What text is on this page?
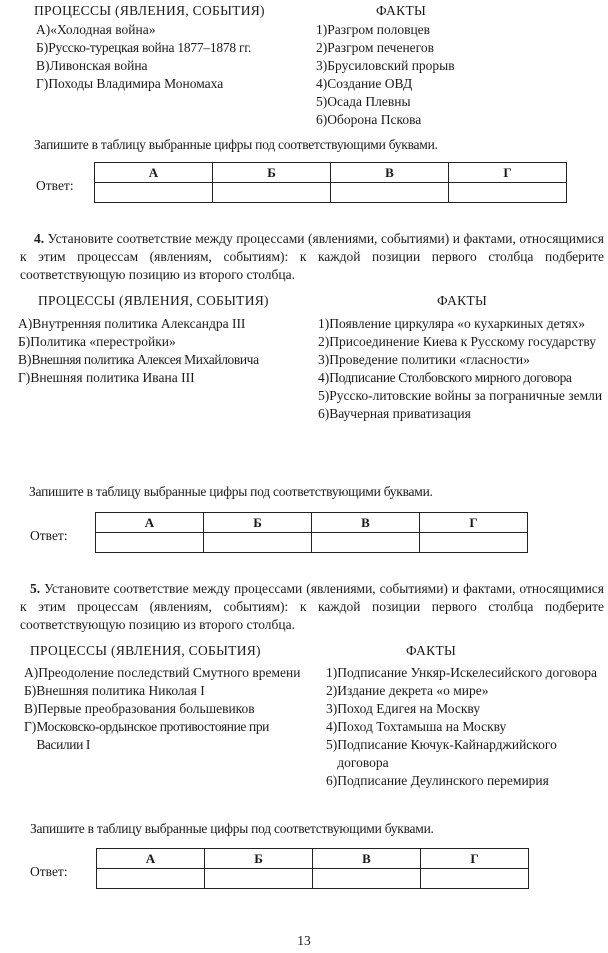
ПРОЦЕССЫ (ЯВЛЕНИЯ, СОБЫТИЯ)	ФАКТЫ
А) «Холодная война»
Б) Русско-турецкая война 1877–1878 гг.
В) Ливонская война
Г) Походы Владимира Мономаха
1) Разгром половцев
2) Разгром печенегов
3) Брусиловский прорыв
4) Создание ОВД
5) Осада Плевны
6) Оборона Пскова
Запишите в таблицу выбранные цифры под соответствующими буквами.
Ответ:
А	Б	В	Г

4. Установите соответствие между процессами (явлениями, событиями) и фактами, относящимися к этим процессам (явлениям, событиям): к каждой позиции первого столбца подберите соответствующую позицию из второго столбца.
ПРОЦЕССЫ (ЯВЛЕНИЯ, СОБЫТИЯ)	ФАКТЫ
А) Внутренняя политика Александра III
Б) Политика «перестройки»
В) Внешняя политика Алексея Михайловича
Г) Внешняя политика Ивана III
1) Появление циркуляра «о кухаркиных детях»
2) Присоединение Киева к Русскому государству
3) Проведение политики «гласности»
4) Подписание Столбовского мирного договора
5) Русско-литовские войны за пограничные земли
6) Ваучерная приватизация
Запишите в таблицу выбранные цифры под соответствующими буквами.
Ответ:
А	Б	В	Г

5. Установите соответствие между процессами (явлениями, событиями) и фактами, относящимися к этим процессам (явлениям, событиям): к каждой позиции первого столбца подберите соответствующую позицию из второго столбца.
ПРОЦЕССЫ (ЯВЛЕНИЯ, СОБЫТИЯ)	ФАКТЫ
А) Преодоление последствий Смутного времени
Б) Внешняя политика Николая I
В) Первые преобразования большевиков
Г) Московско-ордынское противостояние при Василии I
1) Подписание Ункяр-Искелесийского договора
2) Издание декрета «о мире»
3) Поход Едигея на Москву
4) Поход Тохтамыша на Москву
5) Подписание Кючук-Кайнарджийского договора
6) Подписание Деулинского перемирия
Запишите в таблицу выбранные цифры под соответствующими буквами.
Ответ:
А	Б	В	Г

13
